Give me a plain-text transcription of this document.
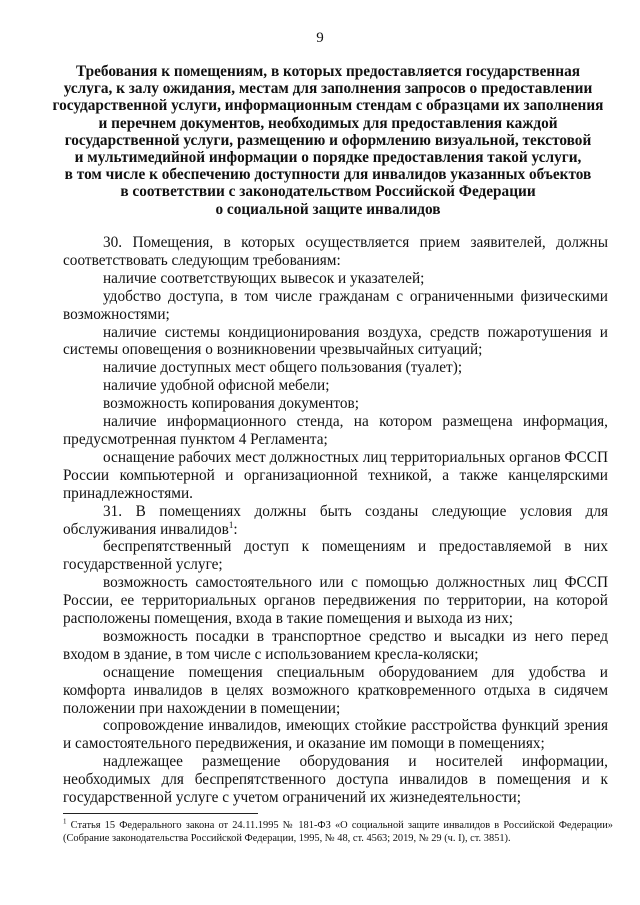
9
Требования к помещениям, в которых предоставляется государственная
услуга, к залу ожидания, местам для заполнения запросов о предоставлении
государственной услуги, информационным стендам с образцами их заполнения
и перечнем документов, необходимых для предоставления каждой
государственной услуги, размещению и оформлению визуальной, текстовой
и мультимедийной информации о порядке предоставления такой услуги,
в том числе к обеспечению доступности для инвалидов указанных объектов
в соответствии с законодательством Российской Федерации
о социальной защите инвалидов

30. Помещения, в которых осуществляется прием заявителей, должны соответствовать следующим требованиям:

наличие соответствующих вывесок и указателей;

удобство доступа, в том числе гражданам с ограниченными физическими возможностями;

наличие системы кондиционирования воздуха, средств пожаротушения и системы оповещения о возникновении чрезвычайных ситуаций;

наличие доступных мест общего пользования (туалет);

наличие удобной офисной мебели;

возможность копирования документов;

наличие информационного стенда, на котором размещена информация, предусмотренная пунктом 4 Регламента;

оснащение рабочих мест должностных лиц территориальных органов ФССП России компьютерной и организационной техникой, а также канцелярскими принадлежностями.

31. В помещениях должны быть созданы следующие условия для обслуживания инвалидов$^1$:

беспрепятственный доступ к помещениям и предоставляемой в них государственной услуге;

возможность самостоятельного или с помощью должностных лиц ФССП России, ее территориальных органов передвижения по территории, на которой расположены помещения, входа в такие помещения и выхода из них;

возможность посадки в транспортное средство и высадки из него перед входом в здание, в том числе с использованием кресла-коляски;

оснащение помещения специальным оборудованием для удобства и комфорта инвалидов в целях возможного кратковременного отдыха в сидячем положении при нахождении в помещении;

сопровождение инвалидов, имеющих стойкие расстройства функций зрения и самостоятельного передвижения, и оказание им помощи в помещениях;

надлежащее размещение оборудования и носителей информации, необходимых для беспрепятственного доступа инвалидов в помещения и к государственной услуге с учетом ограничений их жизнедеятельности;

$^1$ Статья 15 Федерального закона от 24.11.1995 № 181-ФЗ «О социальной защите инвалидов в Российской Федерации» (Собрание законодательства Российской Федерации, 1995, № 48, ст. 4563; 2019, № 29 (ч. I), ст. 3851).
